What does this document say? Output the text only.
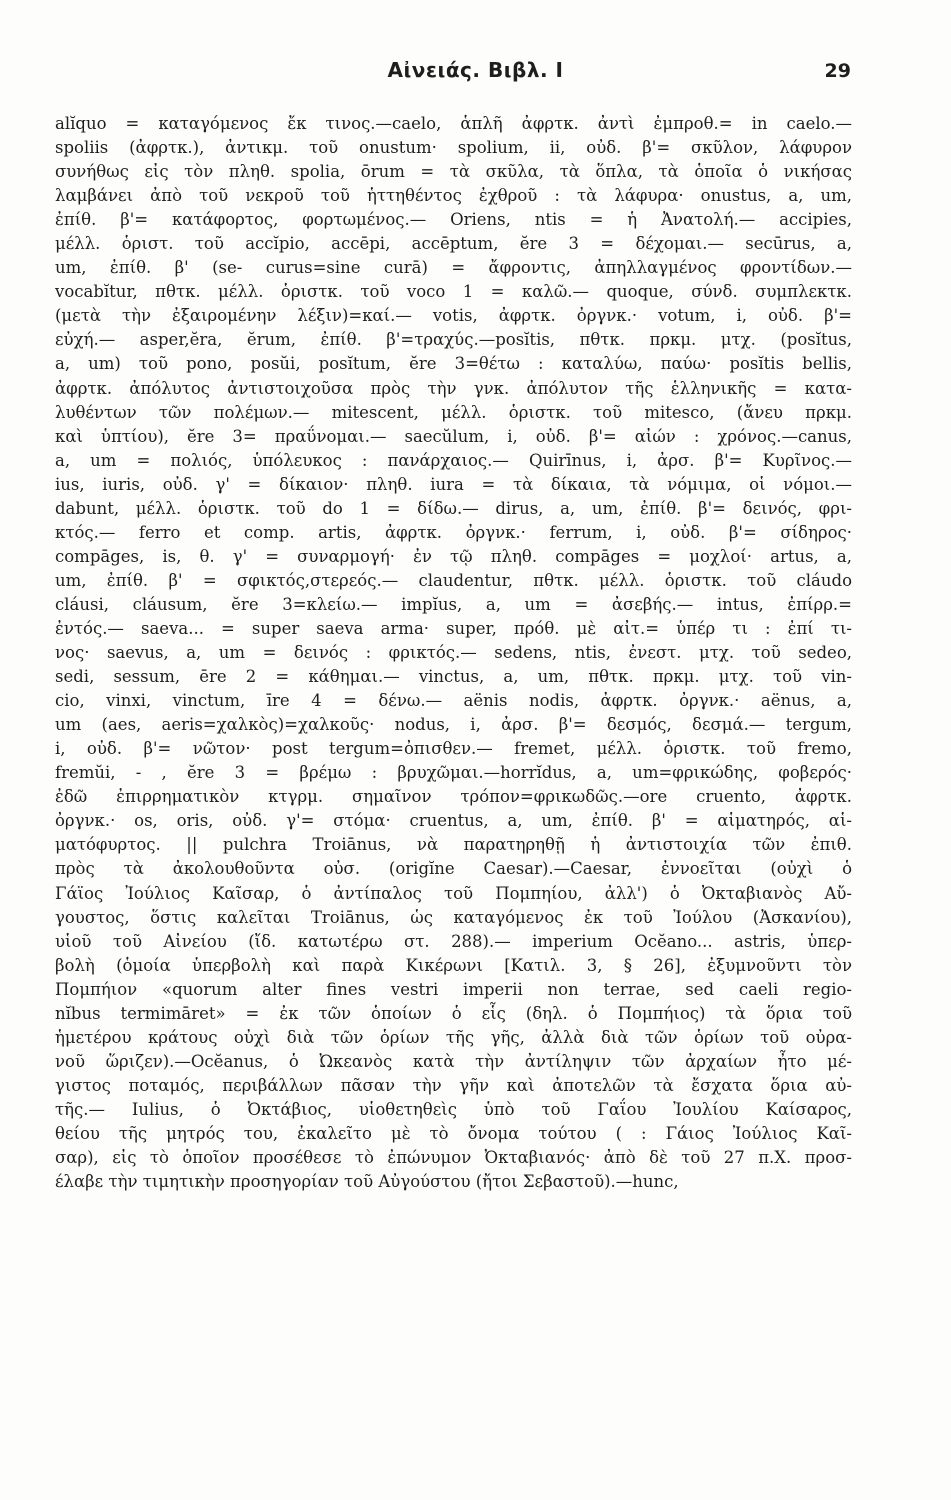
Αἰνειάς. Βιβλ. Ι	29
alĭquo = καταγόμενος ἔκ τινος.—caelo, ἁπλῆ ἀφρτκ. ἀντὶ ἐμπροθ.= in caelo.—
spoliis (ἀφρτκ.), ἀντικμ. τοῦ onustum· spolium, ii, οὐδ. β'= σκῦλον, λάφυρον
συνήθως εἰς τὸν πληθ. spolia, ōrum = τὰ σκῦλα, τὰ ὅπλα, τὰ ὁποῖα ὁ νικήσας
λαμβάνει ἀπὸ τοῦ νεκροῦ τοῦ ἡττηθέντος ἐχθροῦ : τὰ λάφυρα· onustus, a, um,
ἐπίθ. β'= κατάφορτος, φορτωμένος.— Oriens, ntis = ἡ Ἀνατολή.— accipies,
μέλλ. ὁριστ. τοῦ accĭpio, accēpi, accēptum, ĕre 3 = δέχομαι.— secūrus, a,
um, ἐπίθ. β' (se- curus=sine curā) = ἄφροντις, ἀπηλλαγμένος φροντίδων.—
vocabĭtur, πθτκ. μέλλ. ὁριστκ. τοῦ voco 1 = καλῶ.— quoque, σύνδ. συμπλεκτκ.
(μετὰ τὴν ἐξαιρομένην λέξιν)=καί.— votis, ἀφρτκ. ὀργνκ.· votum, i, οὐδ. β'=
εὐχή.— asper,ĕra, ĕrum, ἐπίθ. β'=τραχύς.—posĭtis, πθτκ. πρκμ. μτχ. (posĭtus,
a, um) τοῦ pono, posŭi, posĭtum, ĕre 3=θέτω : καταλύω, παύω· posĭtis bellis,
ἀφρτκ. ἀπόλυτος ἀντιστοιχοῦσα πρὸς τὴν γνκ. ἀπόλυτον τῆς ἑλληνικῆς = κατα-
λυθέντων τῶν πολέμων.— mitescent, μέλλ. ὁριστκ. τοῦ mitesco, (ἄνευ πρκμ.
καὶ ὑπτίου), ĕre 3= πραΰνομαι.— saecŭlum, i, οὐδ. β'= αἰών : χρόνος.—canus,
a, um = πολιός, ὑπόλευκος : πανάρχαιος.— Quirīnus, i, ἀρσ. β'= Κυρῖνος.—
ius, iuris, οὐδ. γ' = δίκαιον· πληθ. iura = τὰ δίκαια, τὰ νόμιμα, οἱ νόμοι.—
dabunt, μέλλ. ὁριστκ. τοῦ do 1 = δίδω.— dirus, a, um, ἐπίθ. β'= δεινός, φρι-
κτός.— ferro et comp. artis, ἀφρτκ. ὀργνκ.· ferrum, i, οὐδ. β'= σίδηρος·
compāges, is, θ. γ' = συναρμογή· ἐν τῷ πληθ. compāges = μοχλοί· artus, a,
um, ἐπίθ. β' = σφικτός,στερεός.— claudentur, πθτκ. μέλλ. ὁριστκ. τοῦ cláudo
cláusi, cláusum, ĕre 3=κλείω.— impĭus, a, um = ἀσεβής.— intus, ἐπίρρ.=
ἐντός.— saeva... = super saeva arma· super, πρόθ. μὲ αἰτ.= ὑπέρ τι : ἐπί τι-
νος· saevus, a, um = δεινός : φρικτός.— sedens, ntis, ἐνεστ. μτχ. τοῦ sedeo,
sedi, sessum, ēre 2 = κάθημαι.— vinctus, a, um, πθτκ. πρκμ. μτχ. τοῦ vin-
cio, vinxi, vinctum, īre 4 = δένω.— aënis nodis, ἀφρτκ. ὀργνκ.· aënus, a,
um (aes, aeris=χαλκὸς)=χαλκοῦς· nodus, i, ἀρσ. β'= δεσμός, δεσμά.— tergum,
i, οὐδ. β'= νῶτον· post tergum=ὀπισθεν.— fremet, μέλλ. ὁριστκ. τοῦ fremo,
fremŭi, - , ĕre 3 = βρέμω : βρυχῶμαι.—horrĭdus, a, um=φρικώδης, φοβερός·
ἐδῶ ἐπιρρηματικὸν κτγρμ. σημαῖνον τρόπον=φρικωδῶς.—ore cruento, ἀφρτκ.
ὀργνκ.· os, oris, οὐδ. γ'= στόμα· cruentus, a, um, ἐπίθ. β' = αἱματηρός, αἱ-
ματόφυρτος. || pulchra Troiānus, νὰ παρατηρηθῇ ἡ ἀντιστοιχία τῶν ἐπιθ.
πρὸς τὰ ἀκολουθοῦντα οὐσ. (origĭne Caesar).—Caesar, ἐννοεῖται (οὐχὶ ὁ
Γάϊος Ἰούλιος Καῖσαρ, ὁ ἀντίπαλος τοῦ Πομπηίου, ἀλλ') ὁ Ὀκταβιανὸς Αὔ-
γουστος, ὅστις καλεῖται Troiānus, ὡς καταγόμενος ἐκ τοῦ Ἰούλου (Ἀσκανίου),
υἱοῦ τοῦ Αἰνείου (ἴδ. κατωτέρω στ. 288).— imperium Ocĕano... astris, ὑπερ-
βολὴ (ὁμοία ὑπερβολὴ καὶ παρὰ Κικέρωνι [Κατιλ. 3, § 26], ἐξυμνοῦντι τὸν
Πομπήιον «quorum alter fines vestri imperii non terrae, sed caeli regio-
nĭbus termimāret» = ἐκ τῶν ὁποίων ὁ εἷς (δηλ. ὁ Πομπήιος) τὰ ὅρια τοῦ
ἡμετέρου κράτους οὐχὶ διὰ τῶν ὁρίων τῆς γῆς, ἀλλὰ διὰ τῶν ὁρίων τοῦ οὐρα-
νοῦ ὥριζεν).—Ocĕanus, ὁ Ὠκεανὸς κατὰ τὴν ἀντίληψιν τῶν ἀρχαίων ἦτο μέ-
γιστος ποταμός, περιβάλλων πᾶσαν τὴν γῆν καὶ ἀποτελῶν τὰ ἔσχατα ὅρια αὐ-
τῆς.— Iulius, ὁ Ὀκτάβιος, υἱοθετηθεὶς ὑπὸ τοῦ Γαΐου Ἰουλίου Καίσαρος,
θείου τῆς μητρός του, ἐκαλεῖτο μὲ τὸ ὄνομα τούτου ( : Γάιος Ἰούλιος Καῖ-
σαρ), εἰς τὸ ὁποῖον προσέθεσε τὸ ἐπώνυμον Ὀκταβιανός· ἀπὸ δὲ τοῦ 27 π.Χ. προσ-
έλαβε τὴν τιμητικὴν προσηγορίαν τοῦ Αὐγούστου (ἤτοι Σεβαστοῦ).—hunc,
